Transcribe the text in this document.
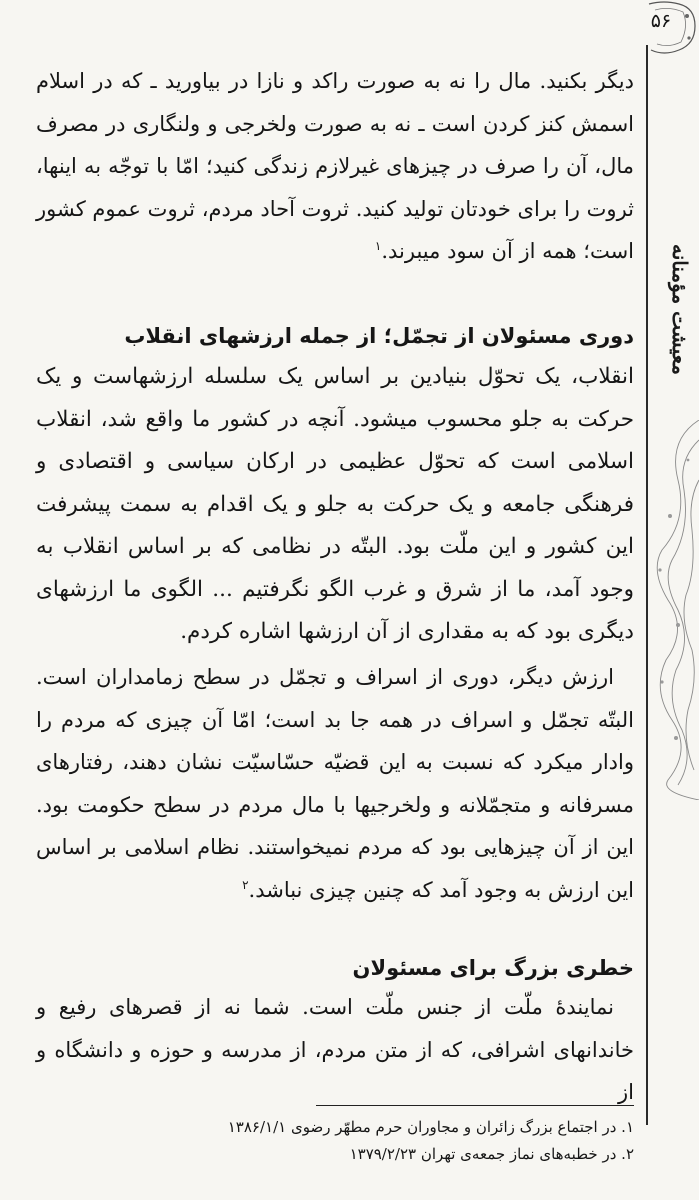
۵۶
معیشت مؤمنانه

دیگر بکنید. مال را نه به صورت راکد و نازا در بیاورید ـ که در اسلام اسمش کنز کردن است ـ نه به صورت ولخرجی و ولنگاری در مصرف مال، آن را صرف در چیزهای غیرلازم زندگی کنید؛ امّا با توجّه به اینها، ثروت را برای خودتان تولید کنید. ثروت آحاد مردم، ثروت عموم کشور است؛ همه از آن سود میبرند.$^۱$

دوری مسئولان از تجمّل؛ از جمله ارزشهای انقلاب

انقلاب، یک تحوّل بنیادین بر اساس یک سلسله ارزشهاست و یک حرکت به جلو محسوب میشود. آنچه در کشور ما واقع شد، انقلاب اسلامی است که تحوّل عظیمی در ارکان سیاسی و اقتصادی و فرهنگی جامعه و یک حرکت به جلو و یک اقدام به سمت پیشرفت این کشور و این ملّت بود. البتّه در نظامی که بر اساس انقلاب به وجود آمد، ما از شرق و غرب الگو نگرفتیم ... الگوی ما ارزشهای دیگری بود که به مقداری از آن ارزشها اشاره کردم.

ارزش دیگر، دوری از اسراف و تجمّل در سطح زمامداران است. البتّه تجمّل و اسراف در همه جا بد است؛ امّا آن چیزی که مردم را وادار میکرد که نسبت به این قضیّه حسّاسیّت نشان دهند، رفتارهای مسرفانه و متجمّلانه و ولخرجیها با مال مردم در سطح حکومت بود. این از آن چیزهایی بود که مردم نمیخواستند. نظام اسلامی بر اساس این ارزش به وجود آمد که چنین چیزی نباشد.$^۲$

خطری بزرگ برای مسئولان

نمایندهٔ ملّت از جنس ملّت است. شما نه از قصرهای رفیع و خاندانهای اشرافی، که از متن مردم، از مدرسه و حوزه و دانشگاه و از

۱. در اجتماع بزرگ زائران و مجاوران حرم مطهّر رضوی ۱۳۸۶/۱/۱

۲. در خطبه‌های نماز جمعه‌ی تهران ۱۳۷۹/۲/۲۳
